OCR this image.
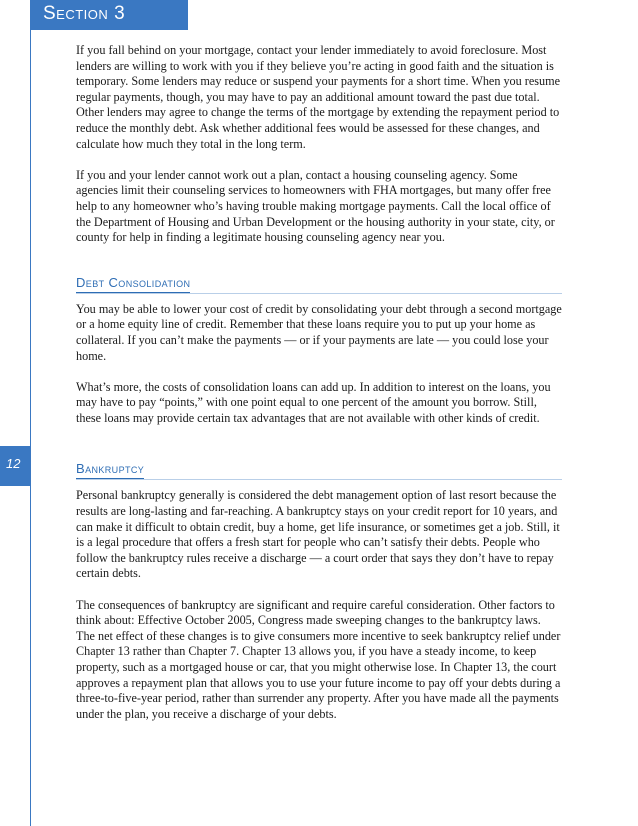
Section 3
12

If you fall behind on your mortgage, contact your lender immediately to avoid foreclosure. Most lenders are willing to work with you if they believe you’re acting in good faith and the situation is temporary. Some lenders may reduce or suspend your payments for a short time. When you resume regular payments, though, you may have to pay an additional amount toward the past due total. Other lenders may agree to change the terms of the mortgage by extending the repayment period to reduce the monthly debt. Ask whether additional fees would be assessed for these changes, and calculate how much they total in the long term.

If you and your lender cannot work out a plan, contact a housing counseling agency. Some agencies limit their counseling services to homeowners with FHA mortgages, but many offer free help to any homeowner who’s having trouble making mortgage payments. Call the local office of the Department of Housing and Urban Development or the housing authority in your state, city, or county for help in finding a legitimate housing counseling agency near you.

Debt Consolidation

You may be able to lower your cost of credit by consolidating your debt through a second mortgage or a home equity line of credit. Remember that these loans require you to put up your home as collateral. If you can’t make the payments — or if your payments are late — you could lose your home.

What’s more, the costs of consolidation loans can add up. In addition to interest on the loans, you may have to pay “points,” with one point equal to one percent of the amount you borrow. Still, these loans may provide certain tax advantages that are not available with other kinds of credit.

Bankruptcy

Personal bankruptcy generally is considered the debt management option of last resort because the results are long-lasting and far-reaching. A bankruptcy stays on your credit report for 10 years, and can make it difficult to obtain credit, buy a home, get life insurance, or sometimes get a job. Still, it is a legal procedure that offers a fresh start for people who can’t satisfy their debts. People who follow the bankruptcy rules receive a discharge — a court order that says they don’t have to repay certain debts.

The consequences of bankruptcy are significant and require careful consideration. Other factors to think about: Effective October 2005, Congress made sweeping changes to the bankruptcy laws. The net effect of these changes is to give consumers more incentive to seek bankruptcy relief under Chapter 13 rather than Chapter 7. Chapter 13 allows you, if you have a steady income, to keep property, such as a mortgaged house or car, that you might otherwise lose. In Chapter 13, the court approves a repayment plan that allows you to use your future income to pay off your debts during a three-to-five-year period, rather than surrender any property. After you have made all the payments under the plan, you receive a discharge of your debts.
